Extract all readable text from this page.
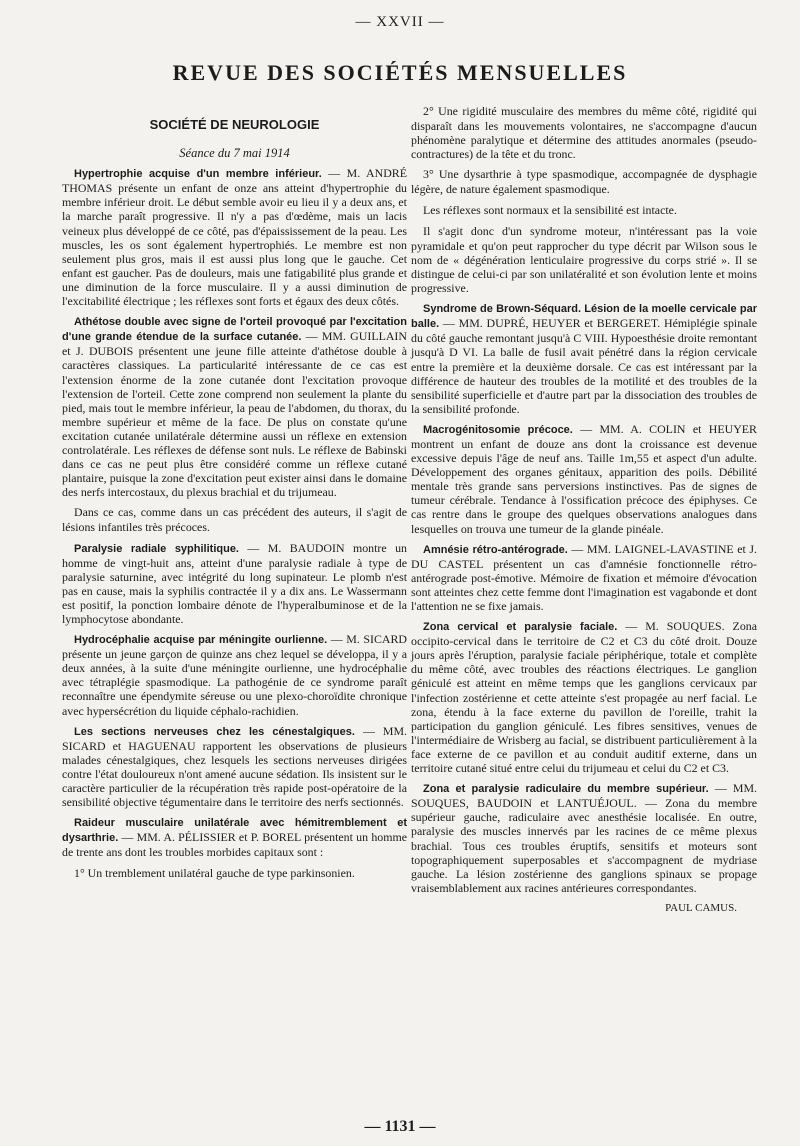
— XXVII —
REVUE DES SOCIÉTÉS MENSUELLES
SOCIÉTÉ DE NEUROLOGIE
Séance du 7 mai 1914

Hypertrophie acquise d'un membre inférieur. — M. ANDRÉ THOMAS présente un enfant de onze ans atteint d'hypertrophie du membre inférieur droit. Le début semble avoir eu lieu il y a deux ans, et la marche paraît progressive. Il n'y a pas d'œdème, mais un lacis veineux plus développé de ce côté, pas d'épaississement de la peau. Les muscles, les os sont également hypertrophiés. Le membre est non seulement plus gros, mais il est aussi plus long que le gauche. Cet enfant est gaucher. Pas de douleurs, mais une fatigabilité plus grande et une diminution de la force musculaire. Il y a aussi diminution de l'excitabilité électrique ; les réflexes sont forts et égaux des deux côtés.

Athétose double avec signe de l'orteil provoqué par l'excitation d'une grande étendue de la surface cutanée. — MM. GUILLAIN et J. DUBOIS présentent une jeune fille atteinte d'athétose double à caractères classiques. La particularité intéressante de ce cas est l'extension énorme de la zone cutanée dont l'excitation provoque l'extension de l'orteil. Cette zone comprend non seulement la plante du pied, mais tout le membre inférieur, la peau de l'abdomen, du thorax, du membre supérieur et même de la face. De plus on constate qu'une excitation cutanée unilatérale détermine aussi un réflexe en extension controlatérale. Les réflexes de défense sont nuls. Le réflexe de Babinski dans ce cas ne peut plus être considéré comme un réflexe cutané plantaire, puisque la zone d'excitation peut exister ainsi dans le domaine des nerfs intercostaux, du plexus brachial et du trijumeau.

Dans ce cas, comme dans un cas précédent des auteurs, il s'agit de lésions infantiles très précoces.

Paralysie radiale syphilitique. — M. BAUDOIN montre un homme de vingt-huit ans, atteint d'une paralysie radiale à type de paralysie saturnine, avec intégrité du long supinateur. Le plomb n'est pas en cause, mais la syphilis contractée il y a dix ans. Le Wassermann est positif, la ponction lombaire dénote de l'hyperalbuminose et de la lymphocytose abondante.

Hydrocéphalie acquise par méningite ourlienne. — M. SICARD présente un jeune garçon de quinze ans chez lequel se développa, il y a deux années, à la suite d'une méningite ourlienne, une hydrocéphalie avec tétraplégie spasmodique. La pathogénie de ce syndrome paraît reconnaître une épendymite séreuse ou une plexo-choroïdite chronique avec hypersécrétion du liquide céphalo-rachidien.

Les sections nerveuses chez les cénestalgiques. — MM. SICARD et HAGUENAU rapportent les observations de plusieurs malades cénestalgiques, chez lesquels les sections nerveuses dirigées contre l'état douloureux n'ont amené aucune sédation. Ils insistent sur le caractère particulier de la récupération très rapide post-opératoire de la sensibilité objective tégumentaire dans le territoire des nerfs sectionnés.

Raideur musculaire unilatérale avec hémitremblement et dysarthrie. — MM. A. PÉLISSIER et P. BOREL présentent un homme de trente ans dont les troubles morbides capitaux sont :

1° Un tremblement unilatéral gauche de type parkinsonien.

2° Une rigidité musculaire des membres du même côté, rigidité qui disparaît dans les mouvements volontaires, ne s'accompagne d'aucun phénomène paralytique et détermine des attitudes anormales (pseudo-contractures) de la tête et du tronc.

3° Une dysarthrie à type spasmodique, accompagnée de dysphagie légère, de nature également spasmodique.

Les réflexes sont normaux et la sensibilité est intacte.

Il s'agit donc d'un syndrome moteur, n'intéressant pas la voie pyramidale et qu'on peut rapprocher du type décrit par Wilson sous le nom de « dégénération lenticulaire progressive du corps strié ». Il se distingue de celui-ci par son unilatéralité et son évolution lente et moins progressive.

Syndrome de Brown-Séquard. Lésion de la moelle cervicale par balle. — MM. DUPRÉ, HEUYER et BERGERET. Hémiplégie spinale du côté gauche remontant jusqu'à C VIII. Hypoesthésie droite remontant jusqu'à D VI. La balle de fusil avait pénétré dans la région cervicale entre la première et la deuxième dorsale. Ce cas est intéressant par la différence de hauteur des troubles de la motilité et des troubles de la sensibilité superficielle et d'autre part par la dissociation des troubles de la sensibilité profonde.

Macrogénitosomie précoce. — MM. A. COLIN et HEUYER montrent un enfant de douze ans dont la croissance est devenue excessive depuis l'âge de neuf ans. Taille 1m,55 et aspect d'un adulte. Développement des organes génitaux, apparition des poils. Débilité mentale très grande sans perversions instinctives. Pas de signes de tumeur cérébrale. Tendance à l'ossification précoce des épiphyses. Ce cas rentre dans le groupe des quelques observations analogues dans lesquelles on trouva une tumeur de la glande pinéale.

Amnésie rétro-antérograde. — MM. LAIGNEL-LAVASTINE et J. DU CASTEL présentent un cas d'amnésie fonctionnelle rétro-antérograde post-émotive. Mémoire de fixation et mémoire d'évocation sont atteintes chez cette femme dont l'imagination est vagabonde et dont l'attention ne se fixe jamais.

Zona cervical et paralysie faciale. — M. SOUQUES. Zona occipito-cervical dans le territoire de C2 et C3 du côté droit. Douze jours après l'éruption, paralysie faciale périphérique, totale et complète du même côté, avec troubles des réactions électriques. Le ganglion géniculé est atteint en même temps que les ganglions cervicaux par l'infection zostérienne et cette atteinte s'est propagée au nerf facial. Le zona, étendu à la face externe du pavillon de l'oreille, trahit la participation du ganglion géniculé. Les fibres sensitives, venues de l'intermédiaire de Wrisberg au facial, se distribuent particulièrement à la face externe de ce pavillon et au conduit auditif externe, dans un territoire cutané situé entre celui du trijumeau et celui du C2 et C3.

Zona et paralysie radiculaire du membre supérieur. — MM. SOUQUES, BAUDOIN et LANTUÉJOUL. — Zona du membre supérieur gauche, radiculaire avec anesthésie localisée. En outre, paralysie des muscles innervés par les racines de ce même plexus brachial. Tous ces troubles éruptifs, sensitifs et moteurs sont topographiquement superposables et s'accompagnent de mydriase gauche. La lésion zostérienne des ganglions spinaux se propage vraisemblablement aux racines antérieures correspondantes.

PAUL CAMUS.
— 1131 —
